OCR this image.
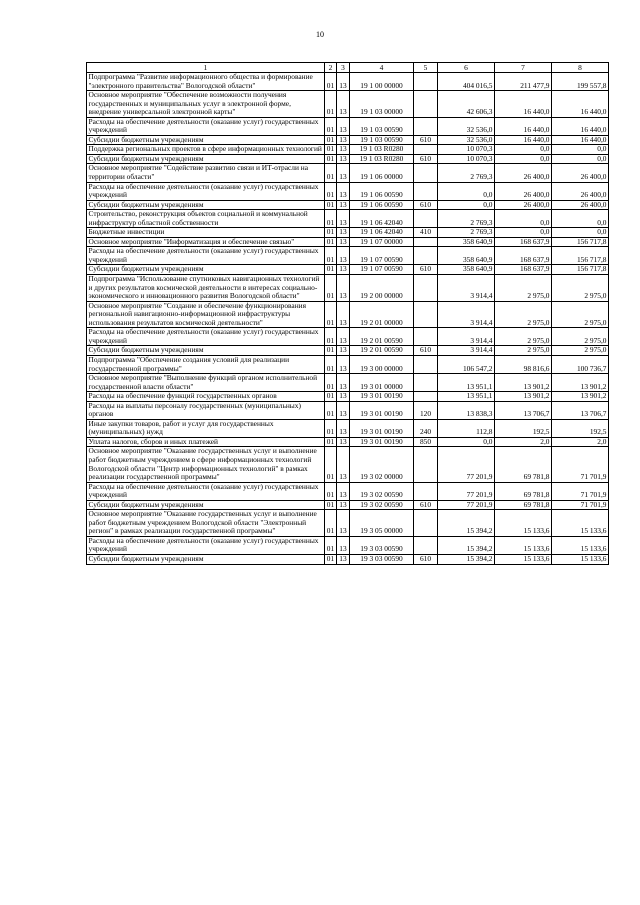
10
1	2	3	4	5	6	7	8
Подпрограмма "Развитие информационного общества и формирование "электронного правительства" Вологодской области"	01	13	19 1 00 00000		404 016,5	211 477,9	199 557,8
Основное мероприятие "Обеспечение возможности получения государственных и муниципальных услуг в электронной форме, внедрение универсальной электронной карты"	01	13	19 1 03 00000		42 606,3	16 440,0	16 440,0
Расходы на обеспечение деятельности (оказание услуг) государственных учреждений	01	13	19 1 03 00590		32 536,0	16 440,0	16 440,0
Субсидии бюджетным учреждениям	01	13	19 1 03 00590	610	32 536,0	16 440,0	16 440,0
Поддержка региональных проектов в сфере информационных технологий	01	13	19 1 03 R0280		10 070,3	0,0	0,0
Субсидии бюджетным учреждениям	01	13	19 1 03 R0280	610	10 070,3	0,0	0,0
Основное мероприятие "Содействие развитию связи и ИТ-отрасли на территории области"	01	13	19 1 06 00000		2 769,3	26 400,0	26 400,0
Расходы на обеспечение деятельности (оказание услуг) государственных учреждений	01	13	19 1 06 00590		0,0	26 400,0	26 400,0
Субсидии бюджетным учреждениям	01	13	19 1 06 00590	610	0,0	26 400,0	26 400,0
Строительство, реконструкция объектов социальной и коммунальной инфраструктур областной собственности	01	13	19 1 06 42040		2 769,3	0,0	0,0
Бюджетные инвестиции	01	13	19 1 06 42040	410	2 769,3	0,0	0,0
Основное мероприятие "Информатизация и обеспечение связью"	01	13	19 1 07 00000		358 640,9	168 637,9	156 717,8
Расходы на обеспечение деятельности (оказание услуг) государственных учреждений	01	13	19 1 07 00590		358 640,9	168 637,9	156 717,8
Субсидии бюджетным учреждениям	01	13	19 1 07 00590	610	358 640,9	168 637,9	156 717,8
Подпрограмма "Использование спутниковых навигационных технологий и других результатов космической деятельности в интересах социально-экономического и инновационного развития Вологодской области"	01	13	19 2 00 00000		3 914,4	2 975,0	2 975,0
Основное мероприятие "Создание и обеспечение функционирования региональной навигационно-информационной инфраструктуры использования результатов космической деятельности"	01	13	19 2 01 00000		3 914,4	2 975,0	2 975,0
Расходы на обеспечение деятельности (оказание услуг) государственных учреждений	01	13	19 2 01 00590		3 914,4	2 975,0	2 975,0
Субсидии бюджетным учреждениям	01	13	19 2 01 00590	610	3 914,4	2 975,0	2 975,0
Подпрограмма "Обеспечение создания условий для реализации государственной программы"	01	13	19 3 00 00000		106 547,2	98 816,6	100 736,7
Основное мероприятие "Выполнение функций органом исполнительной государственной власти области"	01	13	19 3 01 00000		13 951,1	13 901,2	13 901,2
Расходы на обеспечение функций государственных органов	01	13	19 3 01 00190		13 951,1	13 901,2	13 901,2
Расходы на выплаты персоналу государственных (муниципальных) органов	01	13	19 3 01 00190	120	13 838,3	13 706,7	13 706,7
Иные закупки товаров, работ и услуг для государственных (муниципальных) нужд	01	13	19 3 01 00190	240	112,8	192,5	192,5
Уплата налогов, сборов и иных платежей	01	13	19 3 01 00190	850	0,0	2,0	2,0
Основное мероприятие "Оказание государственных услуг и выполнение работ бюджетным учреждением в сфере информационных технологий Вологодской области "Центр информационных технологий" в рамках реализации государственной программы"	01	13	19 3 02 00000		77 201,9	69 781,8	71 701,9
Расходы на обеспечение деятельности (оказание услуг) государственных учреждений	01	13	19 3 02 00590		77 201,9	69 781,8	71 701,9
Субсидии бюджетным учреждениям	01	13	19 3 02 00590	610	77 201,9	69 781,8	71 701,9
Основное мероприятие "Оказание государственных услуг и выполнение работ бюджетным учреждением Вологодской области "Электронный регион" в рамках реализации государственной программы"	01	13	19 3 05 00000		15 394,2	15 133,6	15 133,6
Расходы на обеспечение деятельности (оказание услуг) государственных учреждений	01	13	19 3 03 00590		15 394,2	15 133,6	15 133,6
Субсидии бюджетным учреждениям	01	13	19 3 03 00590	610	15 394,2	15 133,6	15 133,6
